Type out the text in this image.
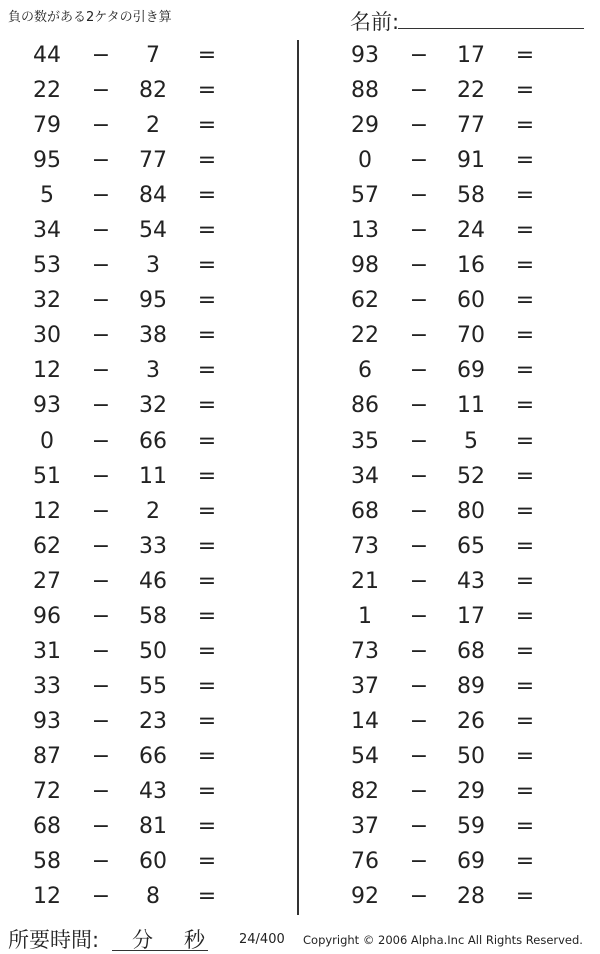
負の数がある2ケタの引き算	名前:
44	−	7	=
22	−	82	=
79	−	2	=
95	−	77	=
5	−	84	=
34	−	54	=
53	−	3	=
32	−	95	=
30	−	38	=
12	−	3	=
93	−	32	=
0	−	66	=
51	−	11	=
12	−	2	=
62	−	33	=
27	−	46	=
96	−	58	=
31	−	50	=
33	−	55	=
93	−	23	=
87	−	66	=
72	−	43	=
68	−	81	=
58	−	60	=
12	−	8	=
93	−	17	=
88	−	22	=
29	−	77	=
0	−	91	=
57	−	58	=
13	−	24	=
98	−	16	=
62	−	60	=
22	−	70	=
6	−	69	=
86	−	11	=
35	−	5	=
34	−	52	=
68	−	80	=
73	−	65	=
21	−	43	=
1	−	17	=
73	−	68	=
37	−	89	=
14	−	26	=
54	−	50	=
82	−	29	=
37	−	59	=
76	−	69	=
92	−	28	=
所要時間: 分 秒	24/400 Copyright © 2006 Alpha.Inc All Rights Reserved.
